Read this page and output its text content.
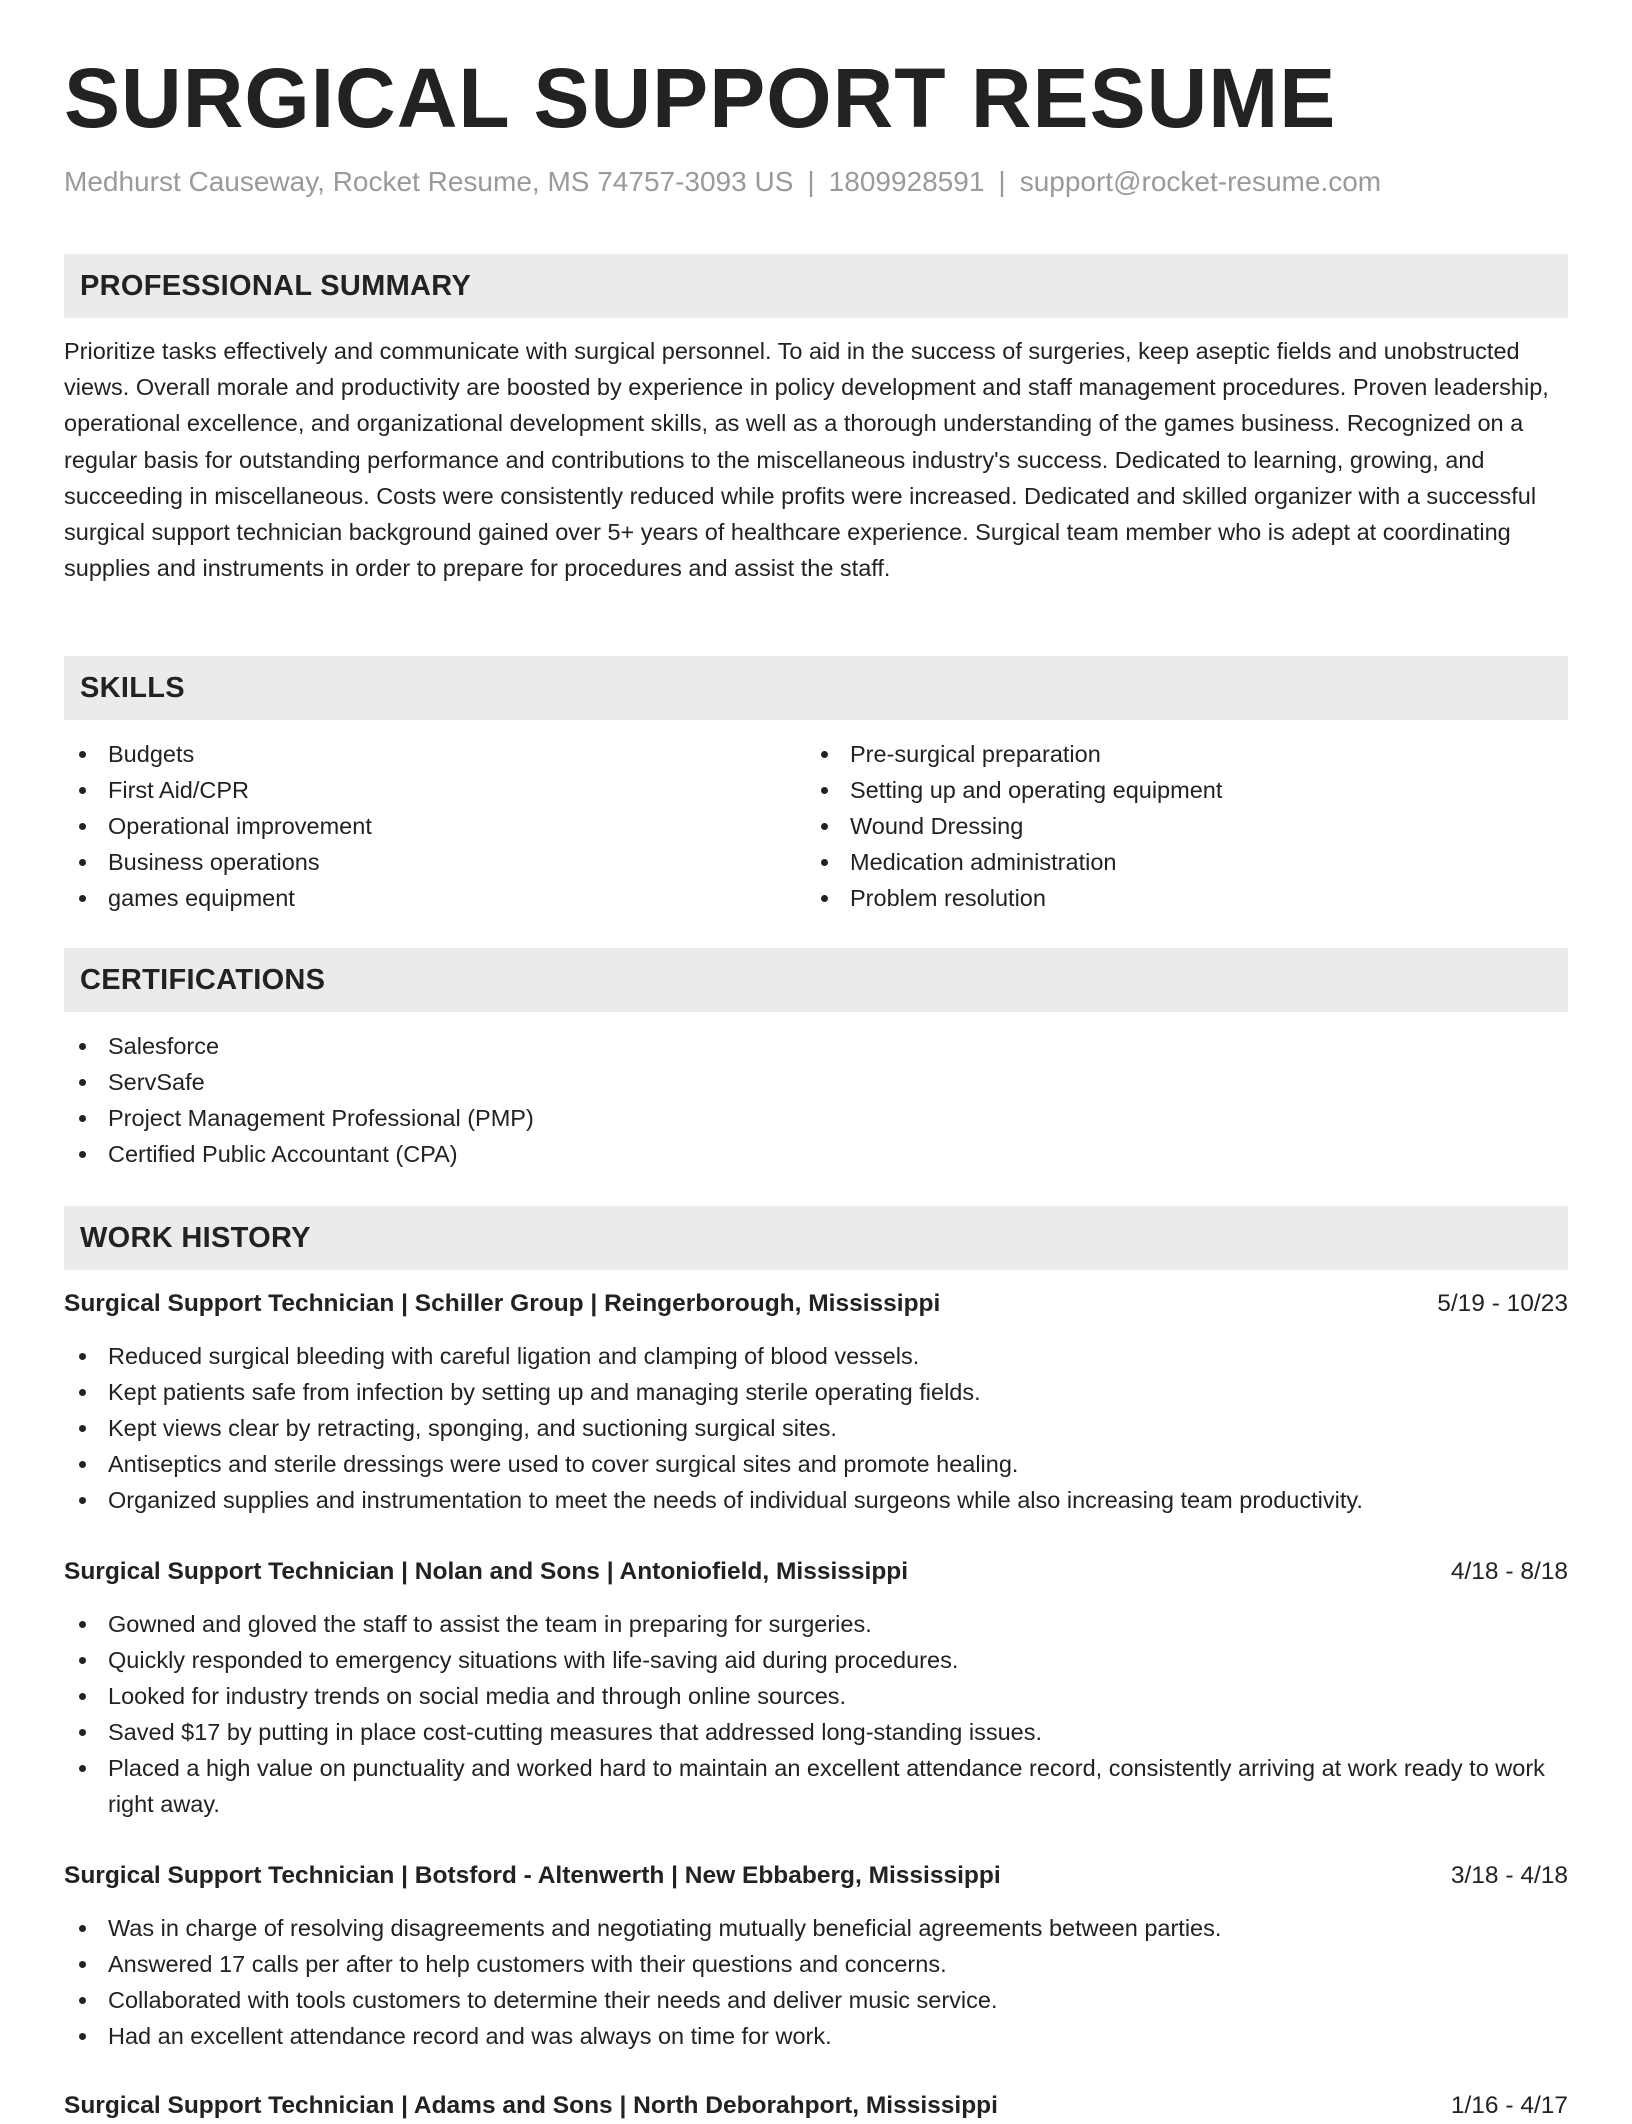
SURGICAL SUPPORT RESUME
Medhurst Causeway, Rocket Resume, MS 74757-3093 US | 1809928591 | support@rocket-resume.com
PROFESSIONAL SUMMARY

Prioritize tasks effectively and communicate with surgical personnel. To aid in the success of surgeries, keep aseptic fields and unobstructed views. Overall morale and productivity are boosted by experience in policy development and staff management procedures. Proven leadership, operational excellence, and organizational development skills, as well as a thorough understanding of the games business. Recognized on a regular basis for outstanding performance and contributions to the miscellaneous industry's success. Dedicated to learning, growing, and succeeding in miscellaneous. Costs were consistently reduced while profits were increased. Dedicated and skilled organizer with a successful surgical support technician background gained over 5+ years of healthcare experience. Surgical team member who is adept at coordinating supplies and instruments in order to prepare for procedures and assist the staff.

SKILLS
Budgets
First Aid/CPR
Operational improvement
Business operations
games equipment
Pre-surgical preparation
Setting up and operating equipment
Wound Dressing
Medication administration
Problem resolution
CERTIFICATIONS
Salesforce
ServSafe
Project Management Professional (PMP)
Certified Public Accountant (CPA)
WORK HISTORY
Surgical Support Technician | Schiller Group | Reingerborough, Mississippi	5/19 - 10/23
Reduced surgical bleeding with careful ligation and clamping of blood vessels.
Kept patients safe from infection by setting up and managing sterile operating fields.
Kept views clear by retracting, sponging, and suctioning surgical sites.
Antiseptics and sterile dressings were used to cover surgical sites and promote healing.
Organized supplies and instrumentation to meet the needs of individual surgeons while also increasing team productivity.
Surgical Support Technician | Nolan and Sons | Antoniofield, Mississippi	4/18 - 8/18
Gowned and gloved the staff to assist the team in preparing for surgeries.
Quickly responded to emergency situations with life-saving aid during procedures.
Looked for industry trends on social media and through online sources.
Saved $17 by putting in place cost-cutting measures that addressed long-standing issues.
Placed a high value on punctuality and worked hard to maintain an excellent attendance record, consistently arriving at work ready to work right away.
Surgical Support Technician | Botsford - Altenwerth | New Ebbaberg, Mississippi	3/18 - 4/18
Was in charge of resolving disagreements and negotiating mutually beneficial agreements between parties.
Answered 17 calls per after to help customers with their questions and concerns.
Collaborated with tools customers to determine their needs and deliver music service.
Had an excellent attendance record and was always on time for work.
Surgical Support Technician | Adams and Sons | North Deborahport, Mississippi	1/16 - 4/17
